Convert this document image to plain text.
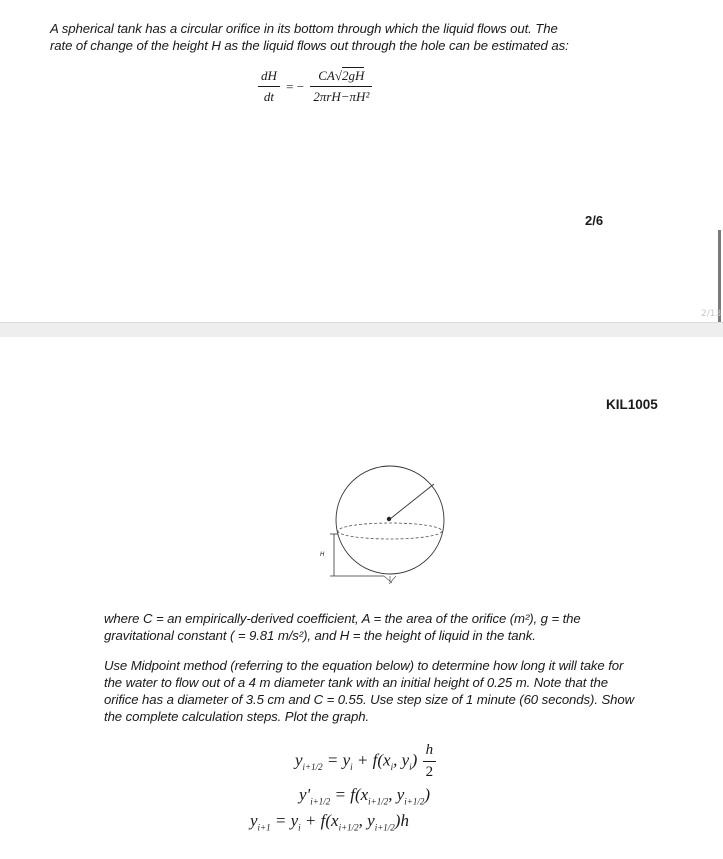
A spherical tank has a circular orifice in its bottom through which the liquid flows out. The
rate of change of the height H as the liquid flows out through the hole can be estimated as:
$\frac{dH}{dt}$ = − $\frac{CA√2gH}{\text{2πrH−πH²}}$
2/6
2/13
KIL1005
H
where C = an empirically-derived coefficient, A = the area of the orifice (m²), g = the
gravitational constant ( = 9.81 m/s²), and H = the height of liquid in the tank.
Use Midpoint method (referring to the equation below) to determine how long it will take for
the water to flow out of a 4 m diameter tank with an initial height of 0.25 m. Note that the
orifice has a diameter of 3.5 cm and C = 0.55. Use step size of 1 minute (60 seconds). Show
the complete calculation steps. Plot the graph.
$y_{i+1/2} = y_i + f(x_i$, $y_i) \frac{h}{2}$
$y'_{i+1/2} = f(x_{i+1/2}$, $y_{i+1/2}$)
$y_{i+1} = y_i + f(x_{i+1/2}$, $y_{i+1/2})h$
